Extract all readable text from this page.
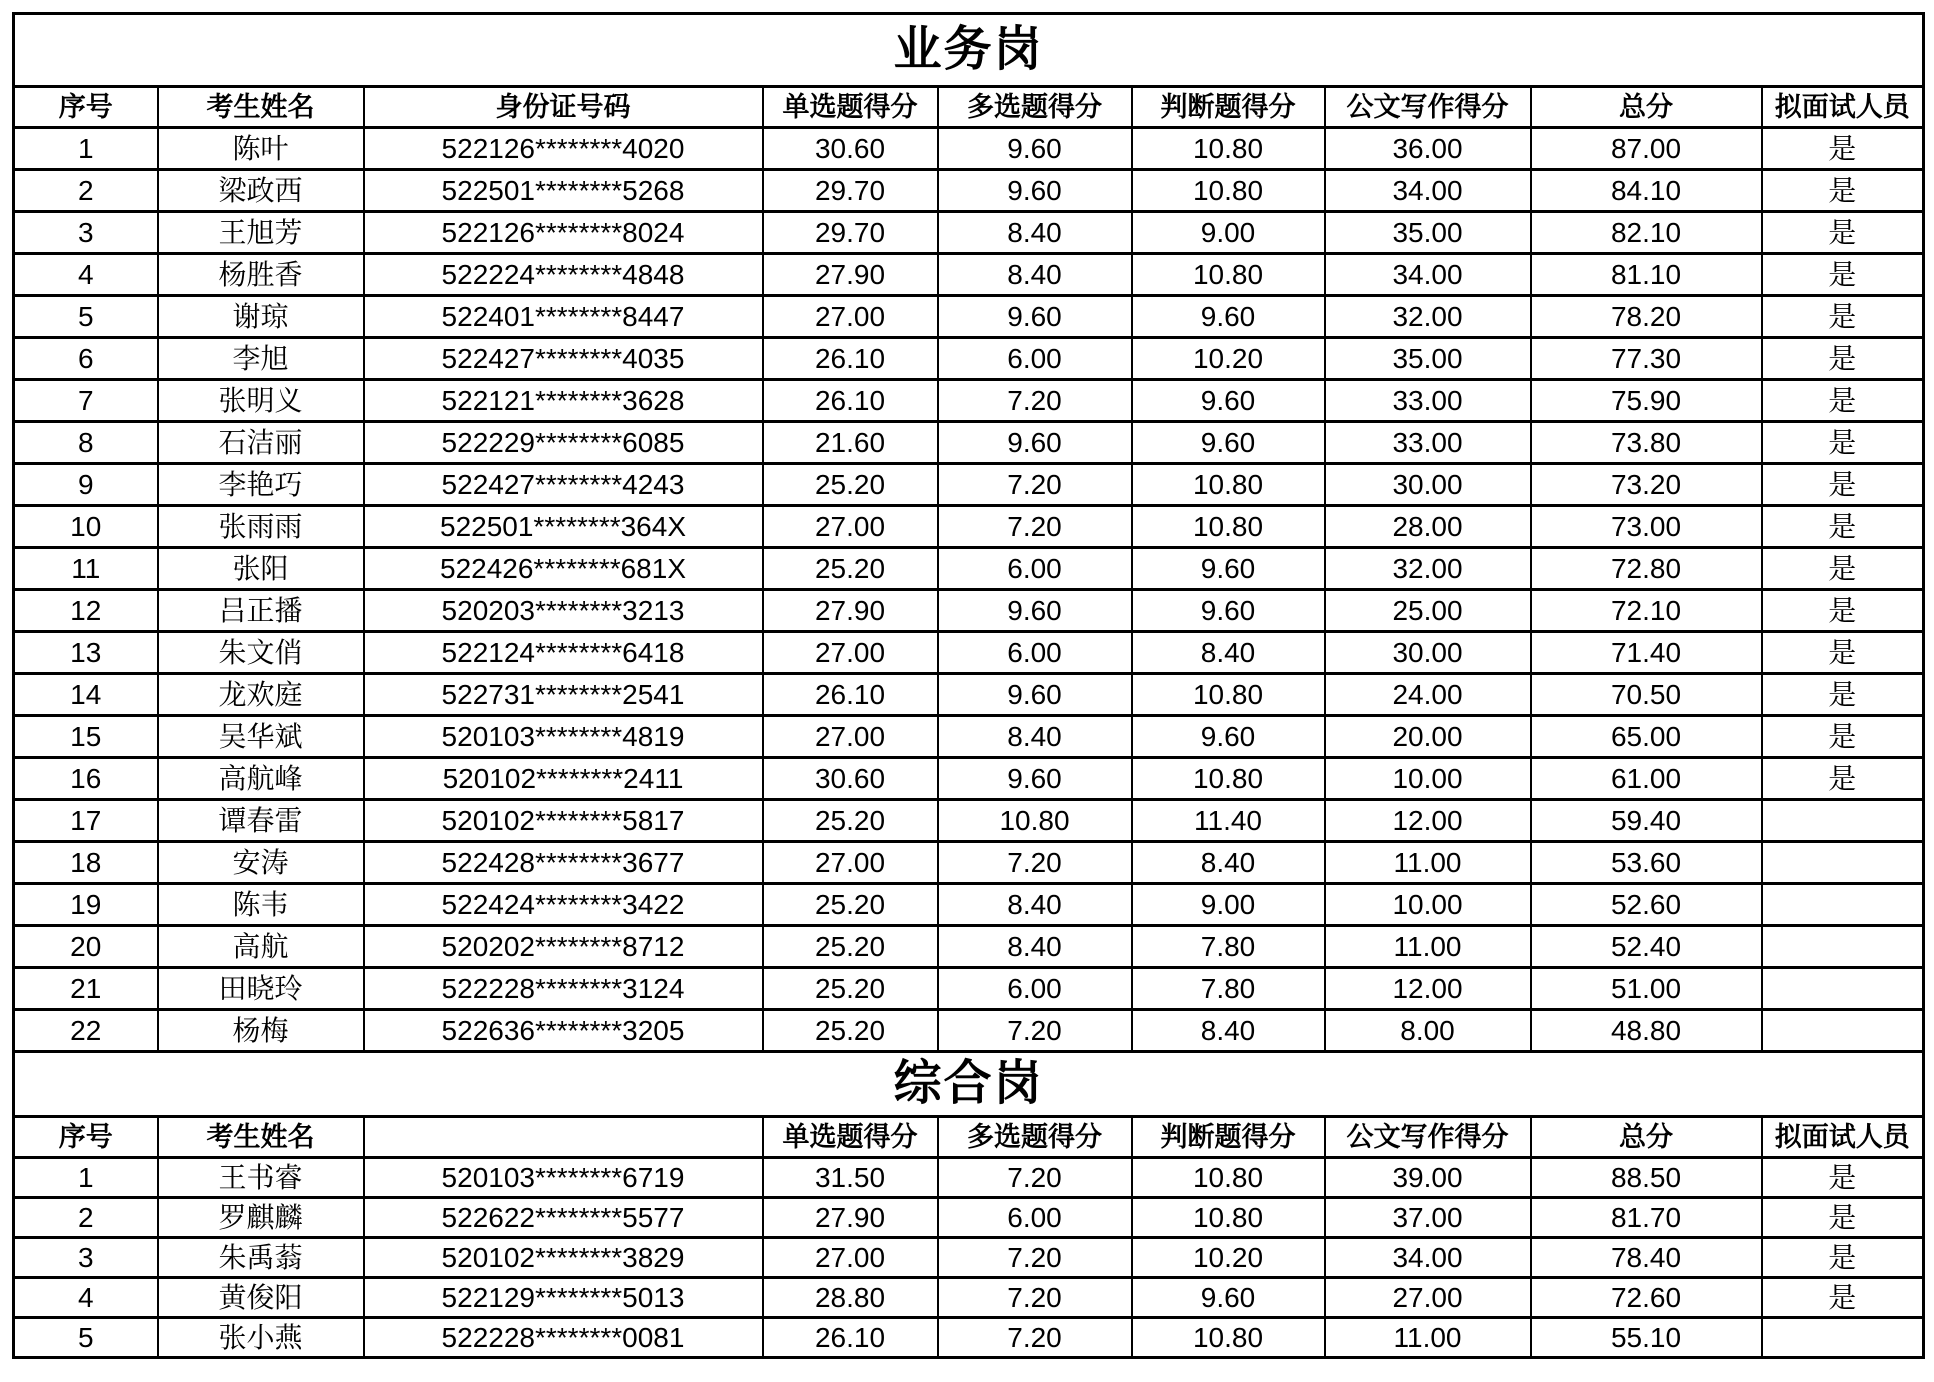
业务岗								
序号	考生姓名	身份证号码	单选题得分	多选题得分	判断题得分	公文写作得分	总分	拟面试人员
1	陈叶	522126********4020	30.60	9.60	10.80	36.00	87.00	是
2	梁政西	522501********5268	29.70	9.60	10.80	34.00	84.10	是
3	王旭芳	522126********8024	29.70	8.40	9.00	35.00	82.10	是
4	杨胜香	522224********4848	27.90	8.40	10.80	34.00	81.10	是
5	谢琼	522401********8447	27.00	9.60	9.60	32.00	78.20	是
6	李旭	522427********4035	26.10	6.00	10.20	35.00	77.30	是
7	张明义	522121********3628	26.10	7.20	9.60	33.00	75.90	是
8	石洁丽	522229********6085	21.60	9.60	9.60	33.00	73.80	是
9	李艳巧	522427********4243	25.20	7.20	10.80	30.00	73.20	是
10	张雨雨	522501********364X	27.00	7.20	10.80	28.00	73.00	是
11	张阳	522426********681X	25.20	6.00	9.60	32.00	72.80	是
12	吕正播	520203********3213	27.90	9.60	9.60	25.00	72.10	是
13	朱文俏	522124********6418	27.00	6.00	8.40	30.00	71.40	是
14	龙欢庭	522731********2541	26.10	9.60	10.80	24.00	70.50	是
15	吴华斌	520103********4819	27.00	8.40	9.60	20.00	65.00	是
16	高航峰	520102********2411	30.60	9.60	10.80	10.00	61.00	是
17	谭春雷	520102********5817	25.20	10.80	11.40	12.00	59.40	
18	安涛	522428********3677	27.00	7.20	8.40	11.00	53.60	
19	陈韦	522424********3422	25.20	8.40	9.00	10.00	52.60	
20	高航	520202********8712	25.20	8.40	7.80	11.00	52.40	
21	田晓玲	522228********3124	25.20	6.00	7.80	12.00	51.00	
22	杨梅	522636********3205	25.20	7.20	8.40	8.00	48.80	
综合岗								
序号	考生姓名		单选题得分	多选题得分	判断题得分	公文写作得分	总分	拟面试人员
1	王书睿	520103********6719	31.50	7.20	10.80	39.00	88.50	是
2	罗麒麟	522622********5577	27.90	6.00	10.80	37.00	81.70	是
3	朱禹蓊	520102********3829	27.00	7.20	10.20	34.00	78.40	是
4	黄俊阳	522129********5013	28.80	7.20	9.60	27.00	72.60	是
5	张小燕	522228********0081	26.10	7.20	10.80	11.00	55.10	
